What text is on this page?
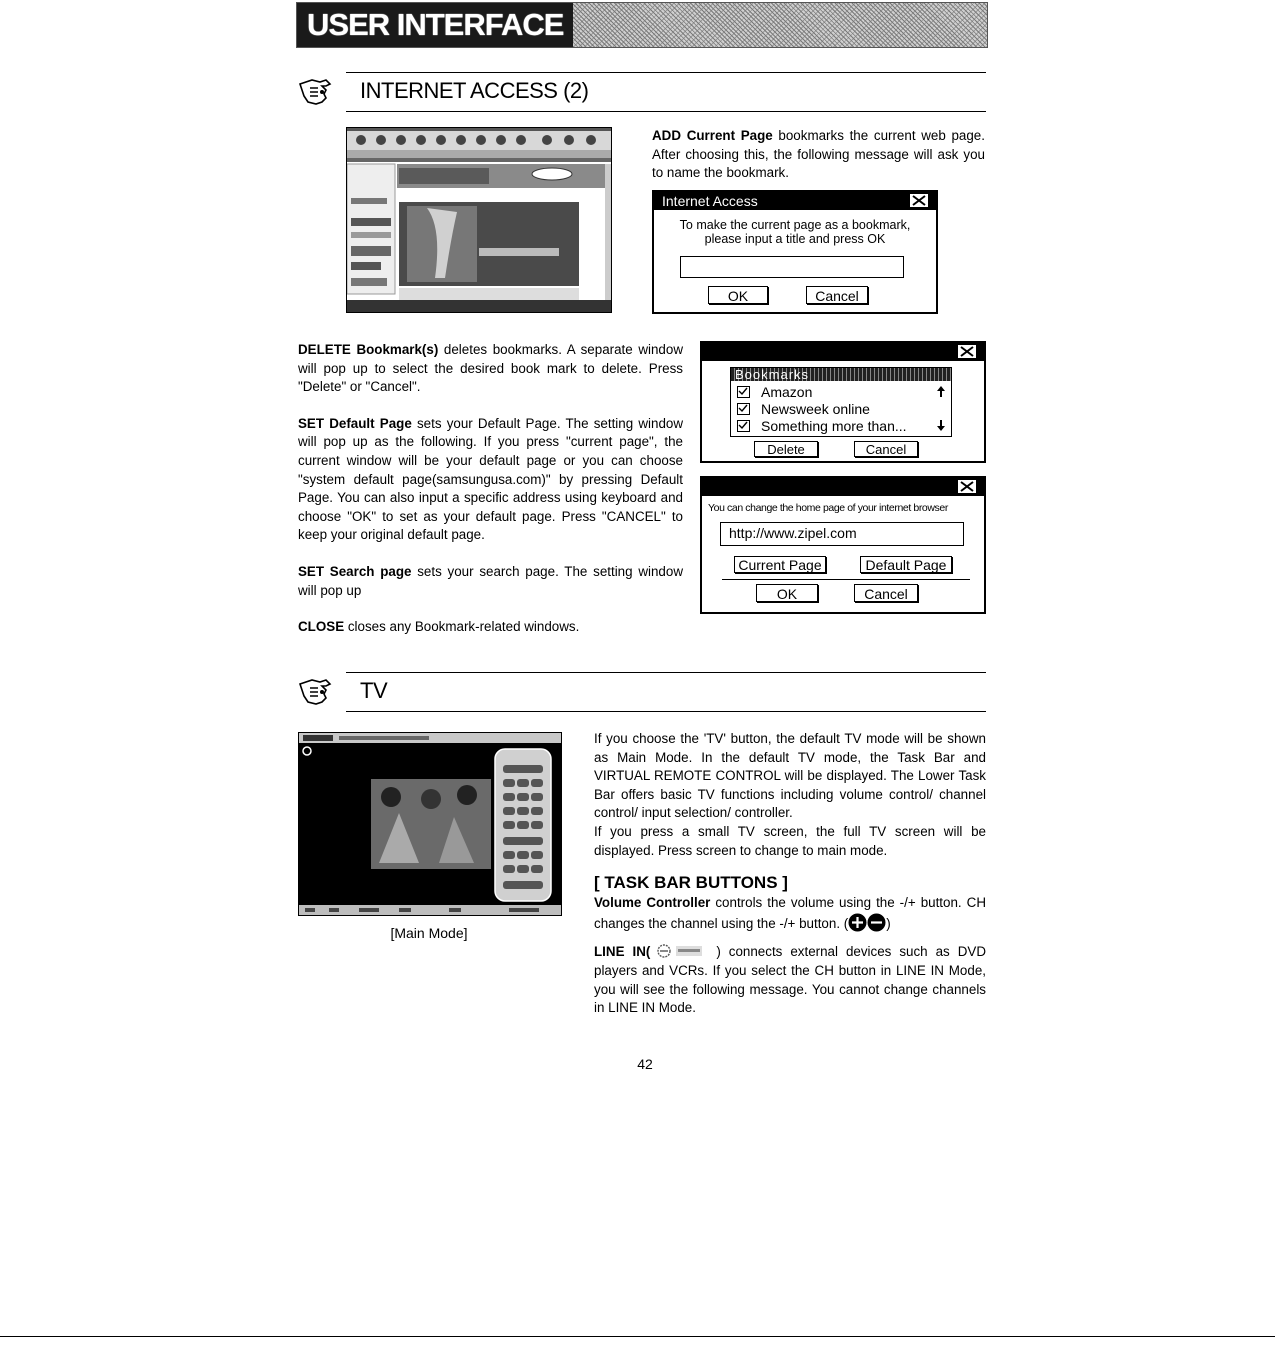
USER INTERFACE
INTERNET ACCESS (2)

ADD Current Page bookmarks the current web page. After choosing this, the following message will ask you to name the bookmark.

Internet Access
To make the current page as a bookmark,
please input a title and press OK
OK	Cancel

DELETE Bookmark(s) deletes bookmarks. A separate window will pop up to select the desired book mark to delete. Press "Delete" or "Cancel".

SET Default Page sets your Default Page. The setting window will pop up as the following. If you press "current page", the current window will be your default page or you can choose "system default page(samsungusa.com)" by pressing Default Page. You can also input a specific address using keyboard and choose "OK" to set as your default page. Press "CANCEL" to keep your original default page.

SET Search page sets your search page. The setting window will pop up

CLOSE closes any Bookmark-related windows.

Bookmarks
Amazon
Newsweek online
Something more than...
Delete	Cancel
You can change the home page of your internet browser
http://www.zipel.com
Current Page	Default Page
OK	Cancel
TV
[Main Mode]

If you choose the 'TV' button, the default TV mode will be shown as Main Mode. In the default TV mode, the Task Bar and VIRTUAL REMOTE CONTROL will be displayed. The Lower Task Bar offers basic TV functions including volume control/ channel control/ input selection/ controller.

If you press a small TV screen, the full TV screen will be displayed. Press screen to change to main mode.

[ TASK BAR BUTTONS ]

Volume Controller controls the volume using the -/+ button. CH changes the channel using the -/+ button. (	)

LINE IN(	) connects external devices such as DVD players and VCRs. If you select the CH button in LINE IN Mode, you will see the following message. You cannot change channels in LINE IN Mode.

42
